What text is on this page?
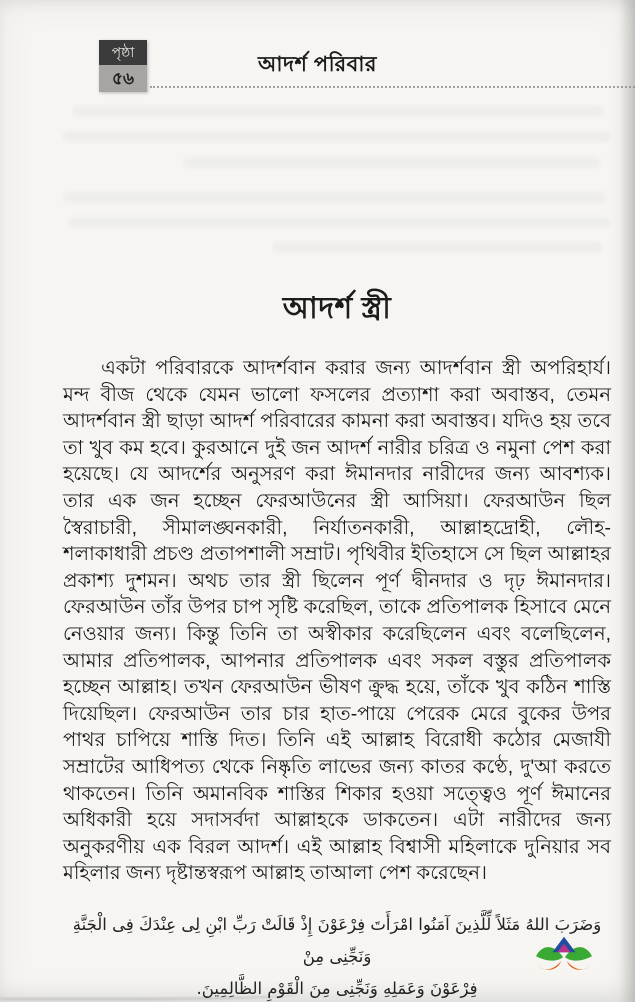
পৃষ্ঠা
৫৬
আদর্শ পরিবার
আদর্শ স্ত্রী

একটা পরিবারকে আদর্শবান করার জন্য আদর্শবান স্ত্রী অপরিহার্য। মন্দ বীজ থেকে যেমন ভালো ফসলের প্রত্যাশা করা অবাস্তব, তেমন আদর্শবান স্ত্রী ছাড়া আদর্শ পরিবারের কামনা করা অবাস্তব। যদিও হয় তবে তা খুব কম হবে। কুরআনে দুই জন আদর্শ নারীর চরিত্র ও নমুনা পেশ করা হয়েছে। যে আদর্শের অনুসরণ করা ঈমানদার নারীদের জন্য আবশ্যক। তার এক জন হচ্ছেন ফেরআউনের স্ত্রী আসিয়া। ফেরআউন ছিল স্বৈরাচারী, সীমালঙ্ঘনকারী, নির্যাতনকারী, আল্লাহদ্রোহী, লৌহ-শলাকাধারী প্রচণ্ড প্রতাপশালী সম্রাট। পৃথিবীর ইতিহাসে সে ছিল আল্লাহর প্রকাশ্য দুশমন। অথচ তার স্ত্রী ছিলেন পূর্ণ দ্বীনদার ও দৃঢ় ঈমানদার। ফেরআউন তাঁর উপর চাপ সৃষ্টি করেছিল, তাকে প্রতিপালক হিসাবে মেনে নেওয়ার জন্য। কিন্তু তিনি তা অস্বীকার করেছিলেন এবং বলেছিলেন, আমার প্রতিপালক, আপনার প্রতিপালক এবং সকল বস্তুর প্রতিপালক হচ্ছেন আল্লাহ। তখন ফেরআউন ভীষণ ক্রুদ্ধ হয়ে, তাঁকে খুব কঠিন শাস্তি দিয়েছিল। ফেরআউন তার চার হাত-পায়ে পেরেক মেরে বুকের উপর পাথর চাপিয়ে শাস্তি দিত। তিনি এই আল্লাহ বিরোধী কঠোর মেজাযী সম্রাটের আধিপত্য থেকে নিষ্কৃতি লাভের জন্য কাতর কণ্ঠে, দু'আ করতে থাকতেন। তিনি অমানবিক শাস্তির শিকার হওয়া সত্ত্বেও পূর্ণ ঈমানের অধিকারী হয়ে সদাসর্বদা আল্লাহকে ডাকতেন। এটা নারীদের জন্য অনুকরণীয় এক বিরল আদর্শ। এই আল্লাহ বিশ্বাসী মহিলাকে দুনিয়ার সব মহিলার জন্য দৃষ্টান্তস্বরূপ আল্লাহ তাআলা পেশ করেছেন।

وَضَرَبَ اللهُ مَثَلاً لِّلَّذِينَ آمَنُوا امْرَأَتَ فِرْعَوْنَ إِذْ قَالَتْ رَبِّ ابْنِ لِى عِنْدَكَ فِى الْجَنَّةِ وَنَجِّنِى مِنْ
فِرْعَوْنَ وَعَمَلِهِ وَنَجِّنِى مِنَ الْقَوْمِ الظَّالِمِينَ.
